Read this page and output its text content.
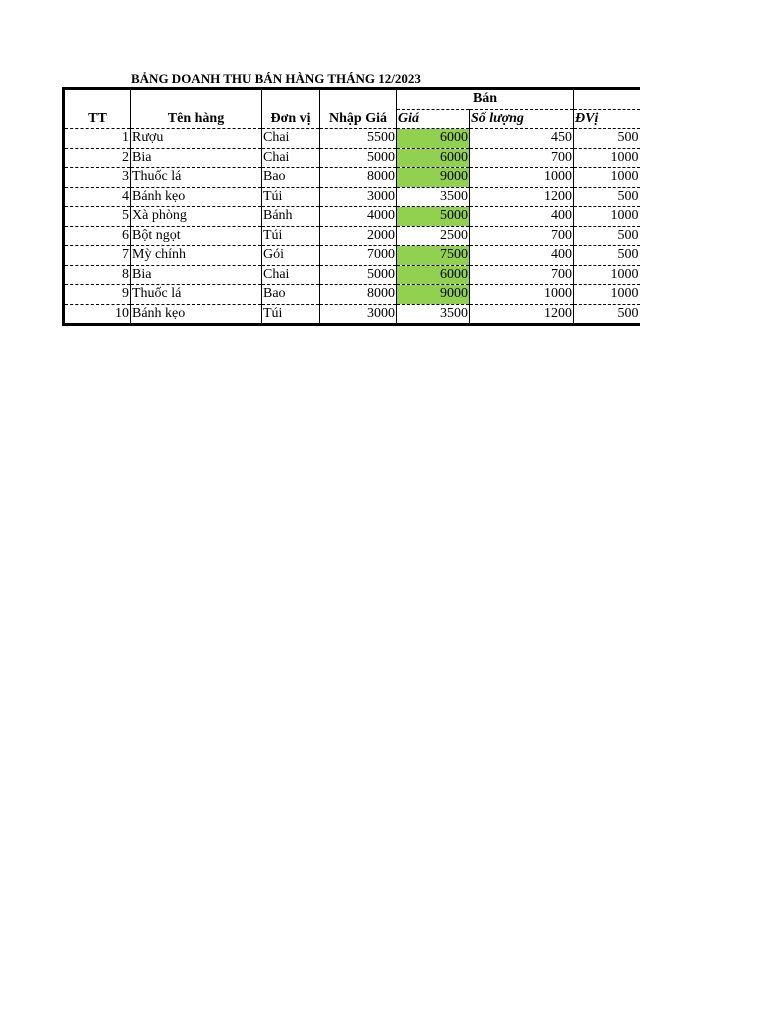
BẢNG DOANH THU BÁN HÀNG THÁNG 12/2023
TT	Tên hàng	Đơn vị	Nhập Giá	Bán		
				Giá	Số lượng	ĐVị
1	Rượu	Chai	5500	6000	450	500
2	Bia	Chai	5000	6000	700	1000
3	Thuốc lá	Bao	8000	9000	1000	1000
4	Bánh kẹo	Túi	3000	3500	1200	500
5	Xà phòng	Bánh	4000	5000	400	1000
6	Bột ngọt	Túi	2000	2500	700	500
7	Mỳ chính	Gói	7000	7500	400	500
8	Bia	Chai	5000	6000	700	1000
9	Thuốc lá	Bao	8000	9000	1000	1000
10	Bánh kẹo	Túi	3000	3500	1200	500
